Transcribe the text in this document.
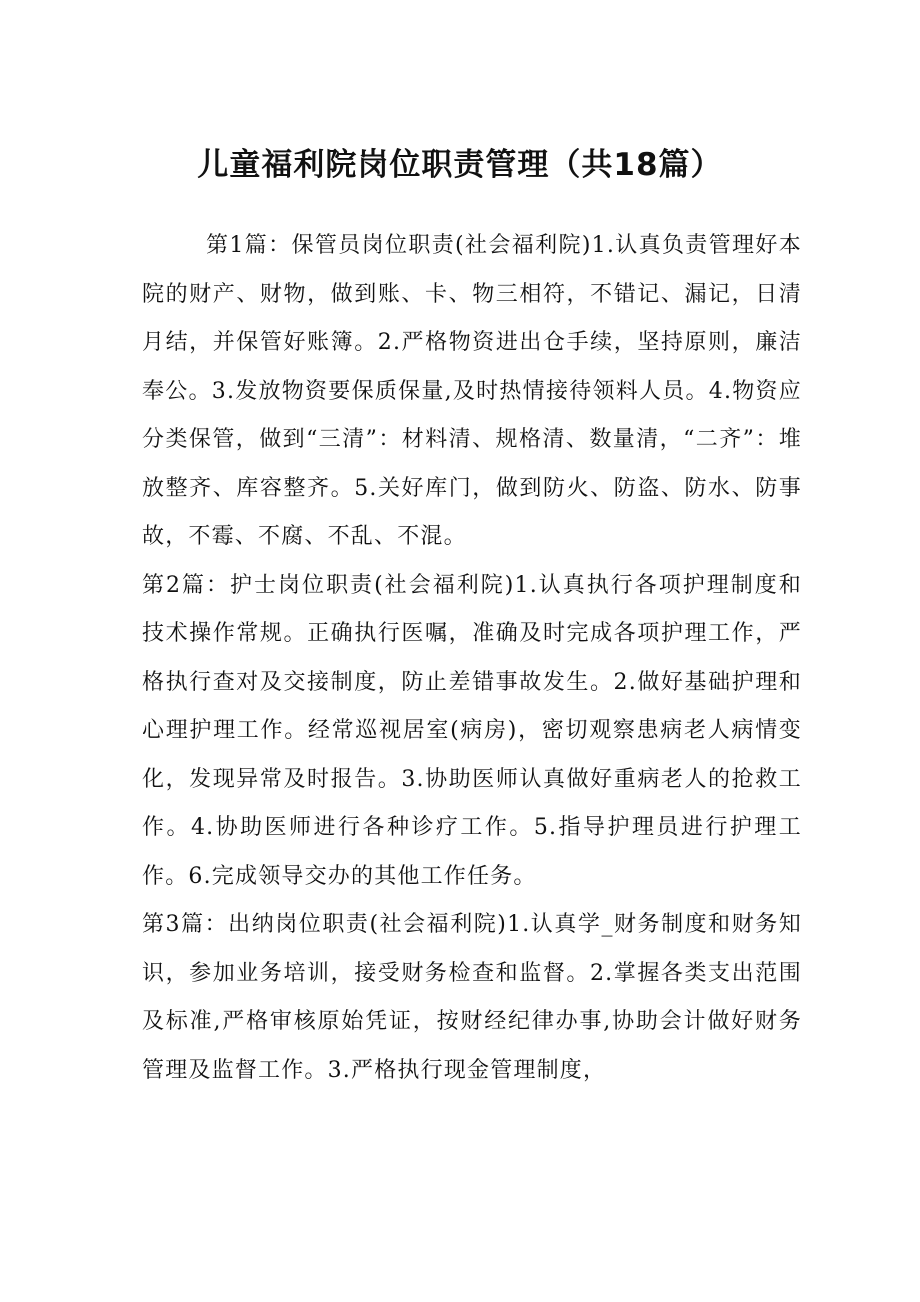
儿童福利院岗位职责管理（共18篇）

第1篇：保管员岗位职责(社会福利院)1.认真负责管理好本院的财产、财物，做到账、卡、物三相符，不错记、漏记，日清月结，并保管好账簿。2.严格物资进出仓手续，坚持原则，廉洁奉公。3.发放物资要保质保量,及时热情接待领料人员。4.物资应分类保管，做到“三清”：材料清、规格清、数量清，“二齐”：堆放整齐、库容整齐。5.关好库门，做到防火、防盗、防水、防事故，不霉、不腐、不乱、不混。

第2篇：护士岗位职责(社会福利院)1.认真执行各项护理制度和技术操作常规。正确执行医嘱，准确及时完成各项护理工作，严格执行查对及交接制度，防止差错事故发生。2.做好基础护理和心理护理工作。经常巡视居室(病房)，密切观察患病老人病情变化，发现异常及时报告。3.协助医师认真做好重病老人的抢救工作。4.协助医师进行各种诊疗工作。5.指导护理员进行护理工作。6.完成领导交办的其他工作任务。

第3篇：出纳岗位职责(社会福利院)1.认真学_财务制度和财务知识，参加业务培训，接受财务检查和监督。2.掌握各类支出范围及标准,严格审核原始凭证，按财经纪律办事,协助会计做好财务管理及监督工作。3.严格执行现金管理制度，
